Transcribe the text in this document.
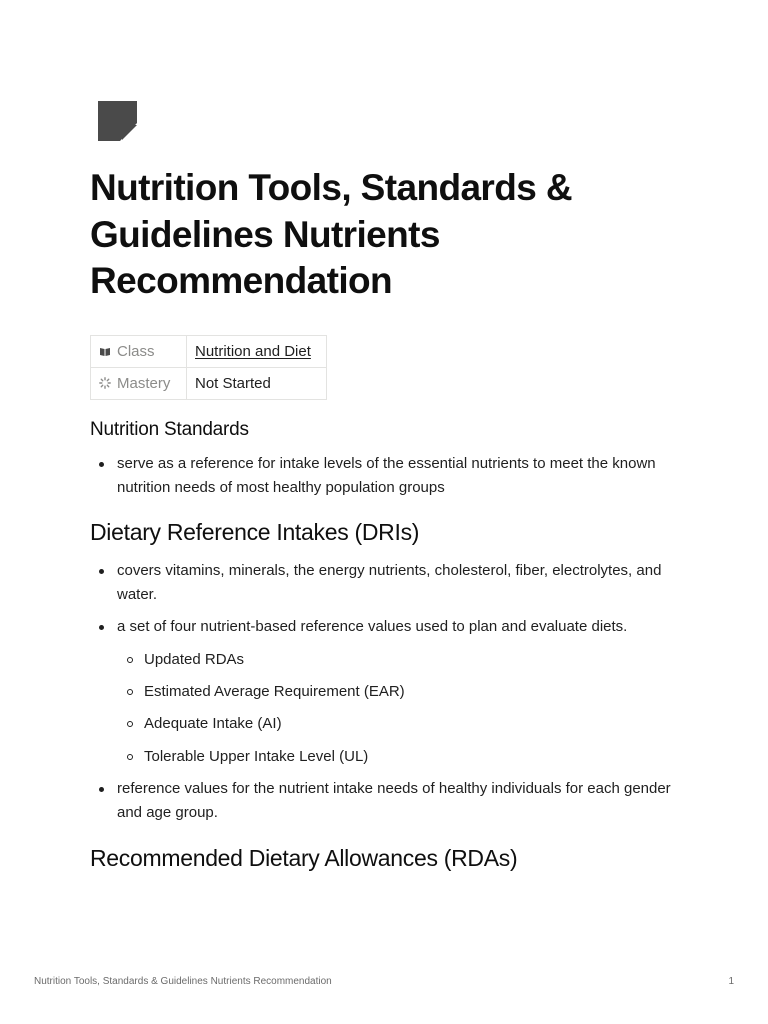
Nutrition Tools, Standards & Guidelines Nutrients Recommendation
Class	Nutrition and Diet
Mastery	Not Started
Nutrition Standards
serve as a reference for intake levels of the essential nutrients to meet the known nutrition needs of most healthy population groups
Dietary Reference Intakes (DRIs)
covers vitamins, minerals, the energy nutrients, cholesterol, fiber, electrolytes, and water.
a set of four nutrient-based reference values used to plan and evaluate diets.
Updated RDAs
Estimated Average Requirement (EAR)
Adequate Intake (AI)
Tolerable Upper Intake Level (UL)
reference values for the nutrient intake needs of healthy individuals for each gender and age group.
Recommended Dietary Allowances (RDAs)
Nutrition Tools, Standards & Guidelines Nutrients Recommendation	1
